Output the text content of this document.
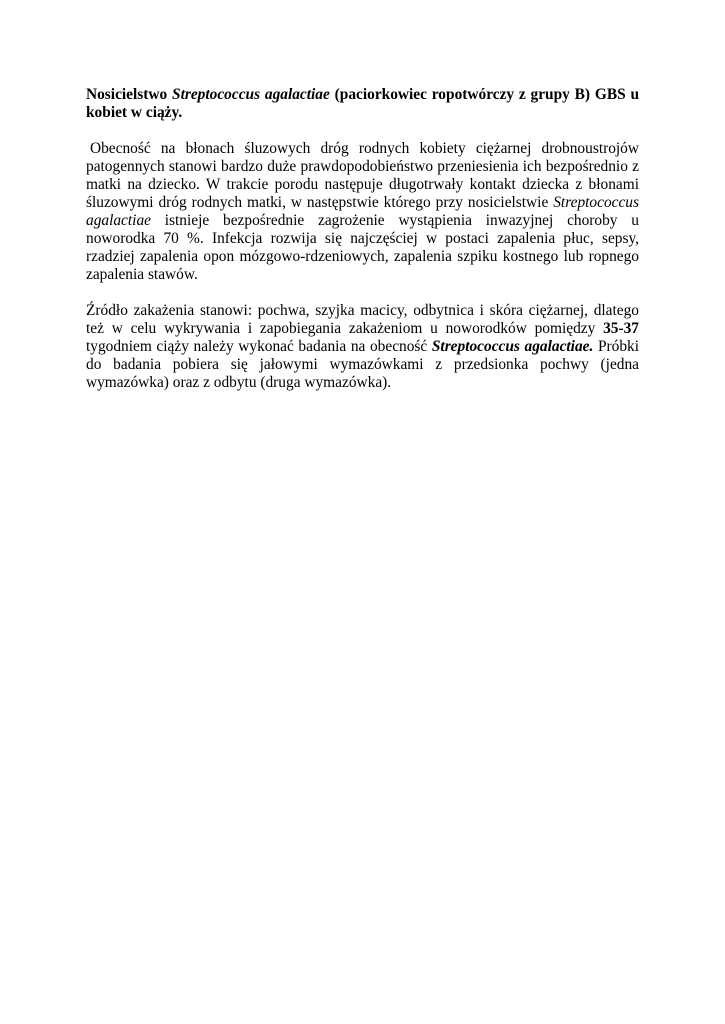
Nosicielstwo Streptococcus agalactiae (paciorkowiec ropotwórczy z grupy B) GBS u kobiet w ciąży.

Obecność na błonach śluzowych dróg rodnych kobiety ciężarnej drobnoustrojów patogennych stanowi bardzo duże prawdopodobieństwo przeniesienia ich bezpośrednio z matki na dziecko. W trakcie porodu następuje długotrwały kontakt dziecka z błonami śluzowymi dróg rodnych matki, w następstwie którego przy nosicielstwie Streptococcus agalactiae istnieje bezpośrednie zagrożenie wystąpienia inwazyjnej choroby u noworodka 70 %. Infekcja rozwija się najczęściej w postaci zapalenia płuc, sepsy, rzadziej zapalenia opon mózgowo-rdzeniowych, zapalenia szpiku kostnego lub ropnego zapalenia stawów.

Źródło zakażenia stanowi: pochwa, szyjka macicy, odbytnica i skóra ciężarnej, dlatego też w celu wykrywania i zapobiegania zakażeniom u noworodków pomiędzy 35-37 tygodniem ciąży należy wykonać badania na obecność Streptococcus agalactiae. Próbki do badania pobiera się jałowymi wymazówkami z przedsionka pochwy (jedna wymazówka) oraz z odbytu (druga wymazówka).
